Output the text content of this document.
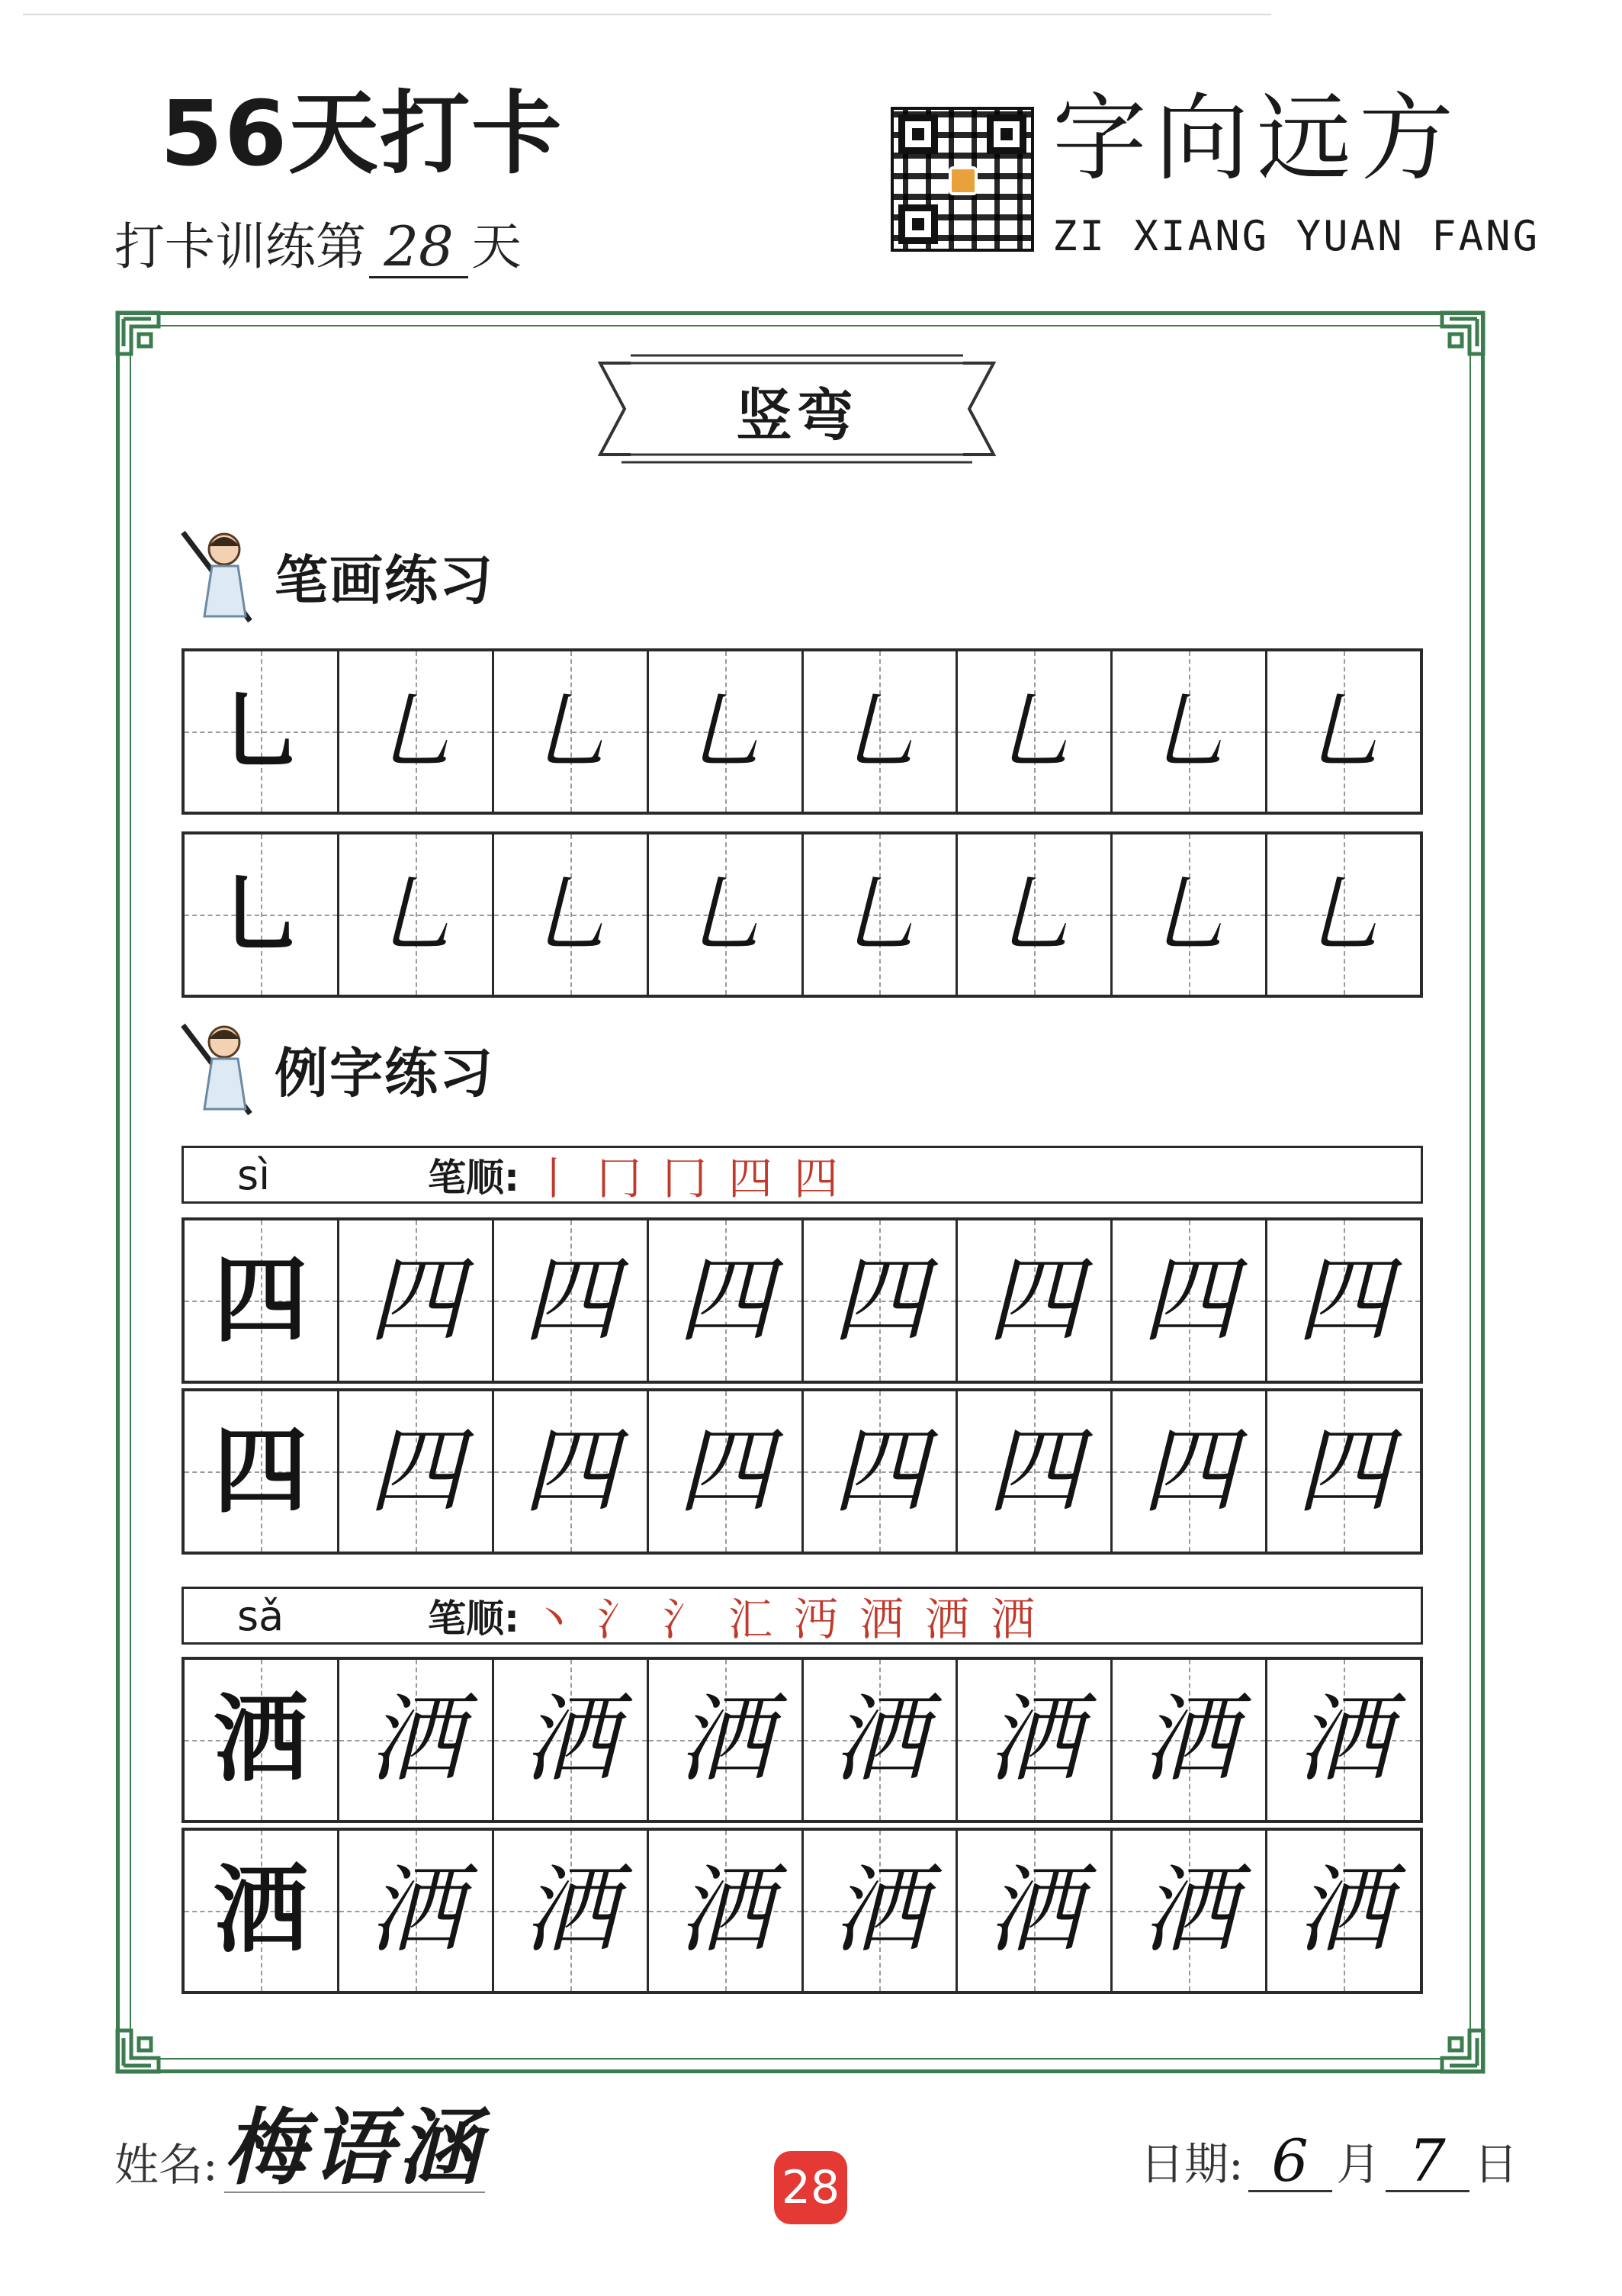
56天打卡
打卡训练第 28 天
字向远方
ZI XIANG YUAN FANG
竖弯
笔画练习
乚 乚 乚 乚 乚 乚 乚 乚
乚 乚 乚 乚 乚 乚 乚 乚
例字练习
sì	笔顺: 丨 冂 冂 四 四
四 四 四 四 四 四 四 四
四 四 四 四 四 四 四 四
sǎ	笔顺: 丶 氵 氵 汇 沔 洒 洒 洒
洒 洒 洒 洒 洒 洒 洒 洒
洒 洒 洒 洒 洒 洒 洒 洒
姓名: 梅语涵	28	日期: 6 月 7 日
